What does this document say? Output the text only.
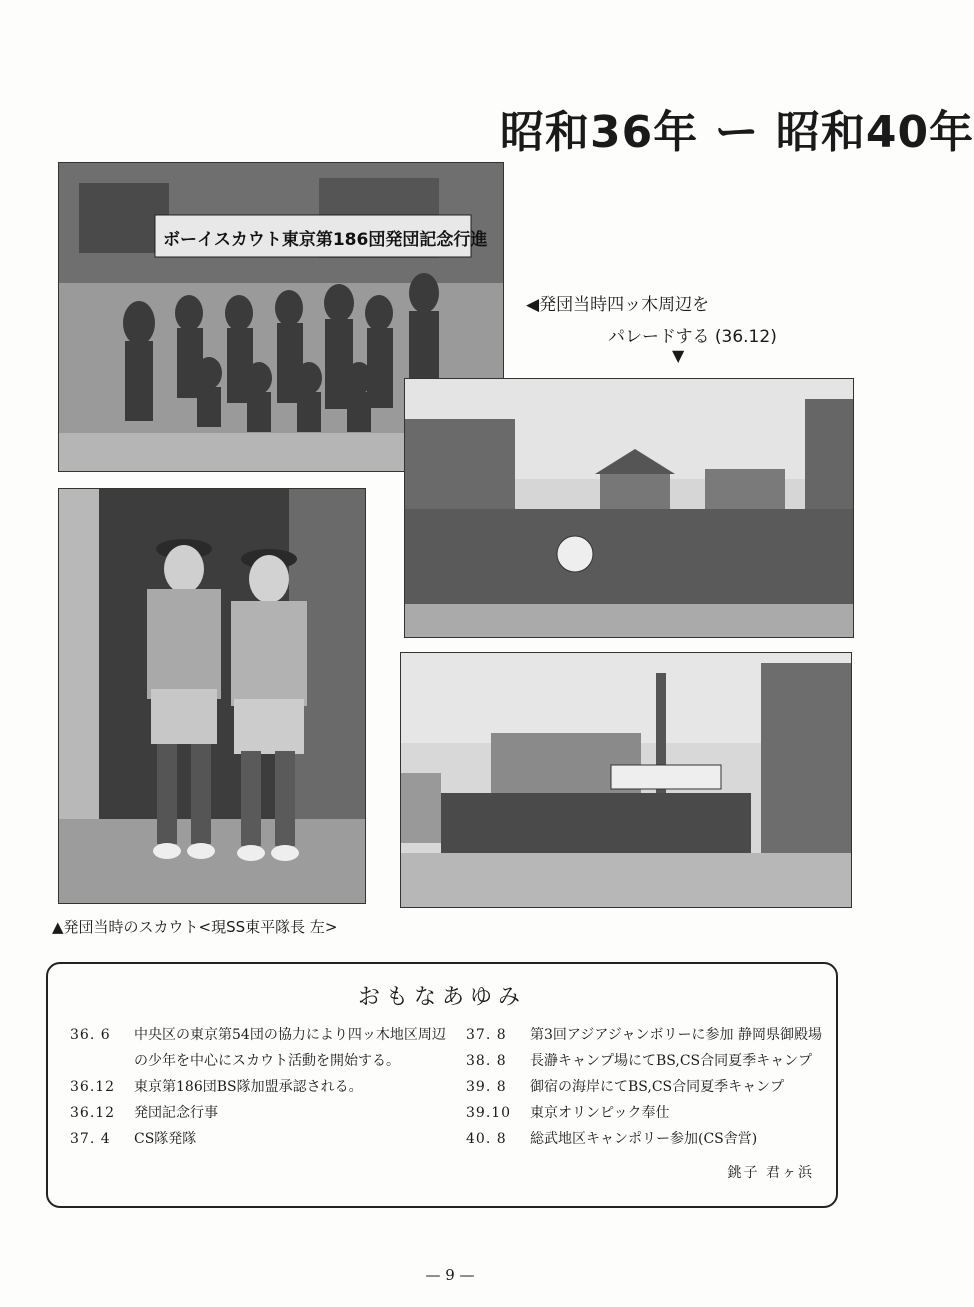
昭和36年 ー 昭和40年
ボーイスカウト東京第186団発団記念行進
◀発団当時四ッ木周辺を
パレードする (36.12)
▼
▲発団当時のスカウト<現SS東平隊長 左>
おもなあゆみ
36. 6	中央区の東京第54団の協力により四ッ木地区周辺の少年を中心にスカウト活動を開始する。
36.12	東京第186団BS隊加盟承認される。
36.12	発団記念行事
37. 4	CS隊発隊
37. 8	第3回アジアジャンボリーに参加 静岡県御殿場
38. 8	長瀞キャンプ場にてBS,CS合同夏季キャンプ
39. 8	御宿の海岸にてBS,CS合同夏季キャンプ
39.10	東京オリンピック奉仕
40. 8	総武地区キャンポリー参加(CS舎営)
銚子 君ヶ浜
— 9 —
